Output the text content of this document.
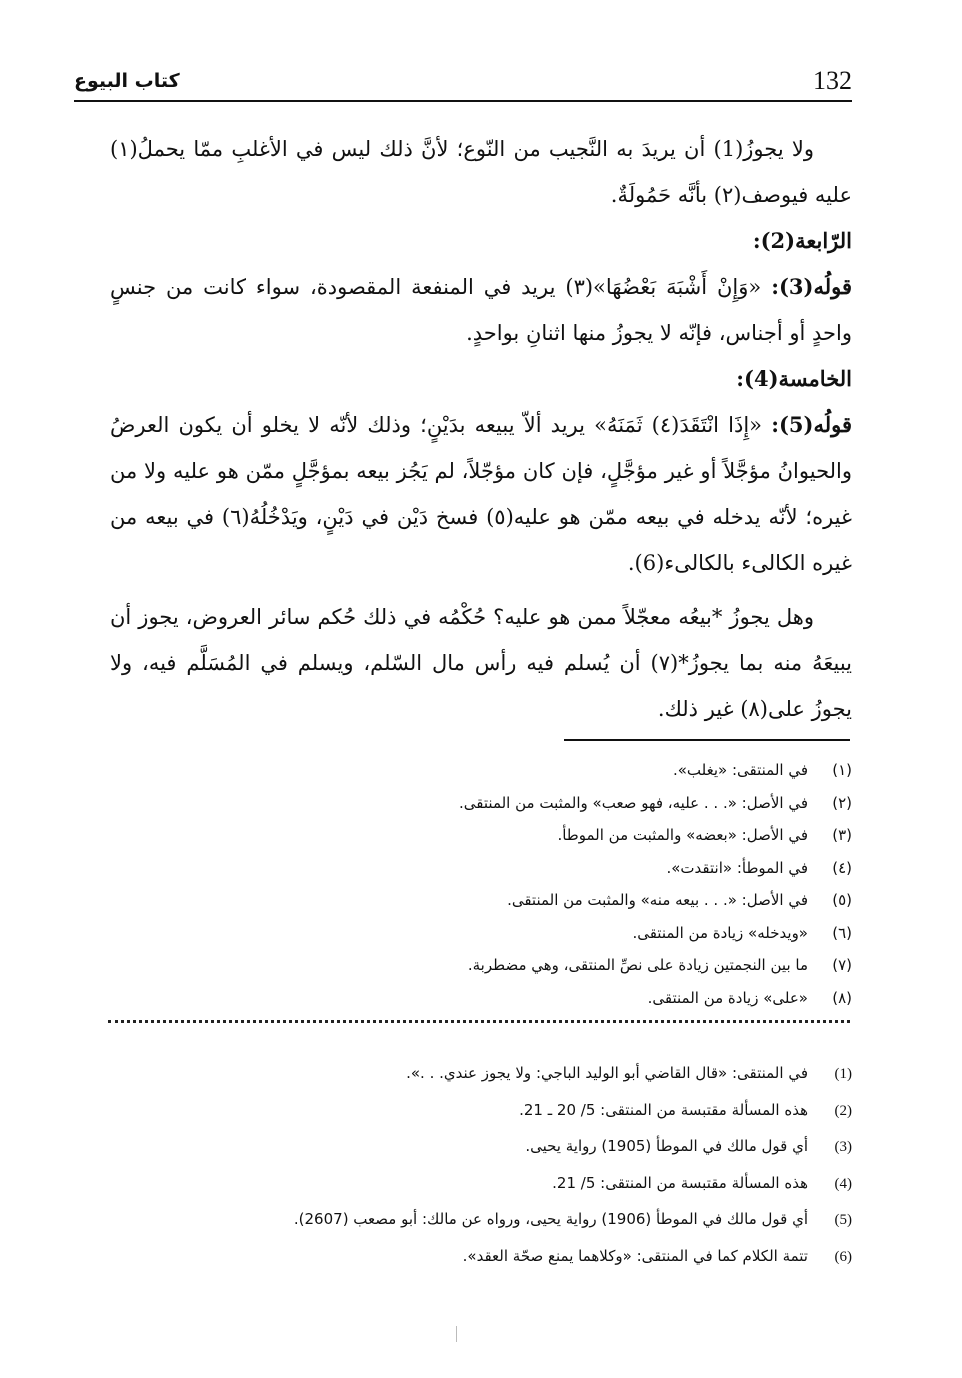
132
كتاب البيوع

ولا يجوزُ(1) أن يريدَ به النَّجيب من النّوع؛ لأنَّ ذلك ليس في الأغلبِ ممّا يحملُ(١) عليه فيوصف(٢) بأنَّه حَمُولَةٌ.

الرّابعة(2):

قولُه(3): «وَإِنْ أَشْبَهَ بَعْضُهَا»(٣) يريد في المنفعة المقصودة، سواء كانت من جنسٍ واحدٍ أو أجناس، فإنّه لا يجوزُ منها اثنانِ بواحدٍ.

الخامسة(4):

قولُه(5): «إِذَا انْتَقَدَ(٤) ثَمَنَهُ» يريد ألاّ يبيعه بدَيْنٍ؛ وذلك لأنّه لا يخلو أن يكون العرضُ والحيوانُ مؤجَّلاً أو غير مؤجَّلٍ، فإن كان مؤجّلاً، لم يَجُز بيعه بمؤجَّلٍ ممّن هو عليه ولا من غيره؛ لأنّه يدخله في بيعه ممّن هو عليه(٥) فسخ دَيْن في دَيْنٍ، ويَدْخُلُهُ(٦) في بيعه من غيره الكالىء بالكالىء(6).

وهل يجوزُ *بيعُه معجّلاً ممن هو عليه؟ حُكْمُه في ذلك حُكم سائر العروض، يجوز أن يبيعَهُ منه بما يجوزُ*(٧) أن يُسلم فيه رأس مال السّلم، ويسلم في المُسَلَّم فيه، ولا يجوزُ على(٨) غير ذلك.

(١)
في المنتقى: «يغلب».
(٢)
في الأصل: «. . . عليه، فهو صعب» والمثبت من المنتقى.
(٣)
في الأصل: «بعضه» والمثبت من الموطأ.
(٤)
في الموطأ: «انتقدت».
(٥)
في الأصل: «. . . بيعه منه» والمثبت من المنتقى.
(٦)
«ويدخله» زيادة من المنتقى.
(٧)
ما بين النجمتين زيادة على نصِّ المنتقى، وهي مضطربة.
(٨)
«على» زيادة من المنتقى.
(1)
في المنتقى: «قال القاضي أبو الوليد الباجي: ولا يجوز عندي. . .».
(2)
هذه المسألة مقتبسة من المنتقى: 5/ 20 ـ 21.
(3)
أي قول مالك في الموطأ (1905) رواية يحيى.
(4)
هذه المسألة مقتبسة من المنتقى: 5/ 21.
(5)
أي قول مالك في الموطأ (1906) رواية يحيى، ورواه عن مالك: أبو مصعب (2607).
(6)
تتمة الكلام كما في المنتقى: «وكلاهما يمنع صحّة العقد».
